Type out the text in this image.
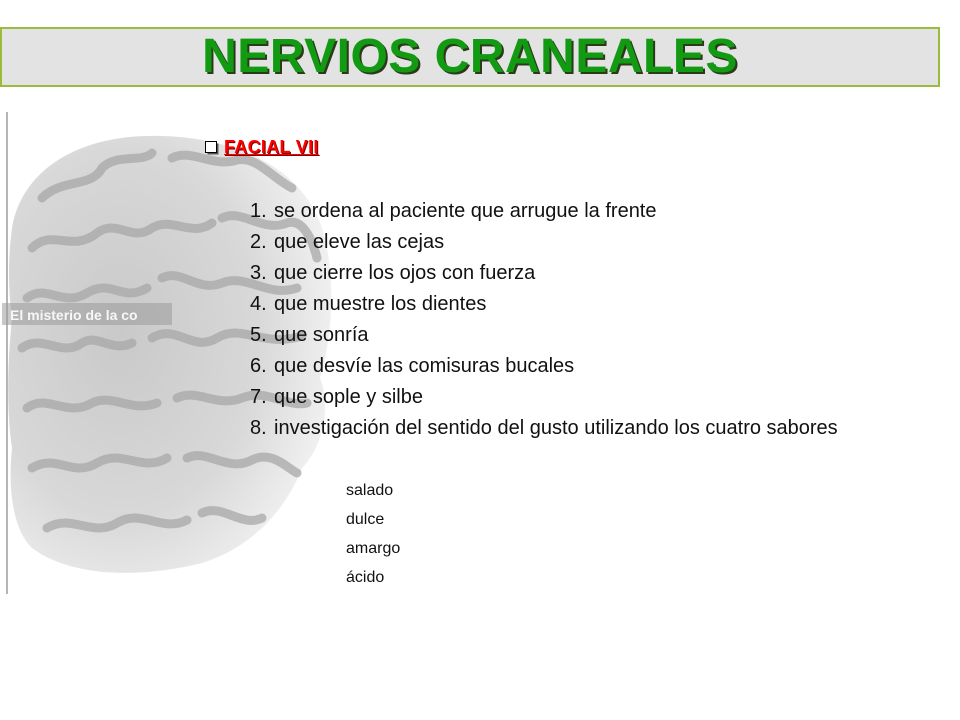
NERVIOS CRANEALES
El misterio de la co
FACIAL VII
1. se ordena al paciente que arrugue la frente
2. que eleve las cejas
3. que cierre los ojos con fuerza
4. que muestre los dientes
5. que sonría
6. que desvíe las comisuras bucales
7. que sople y silbe
8. investigación del sentido del gusto utilizando los cuatro sabores
salado
dulce
amargo
ácido
